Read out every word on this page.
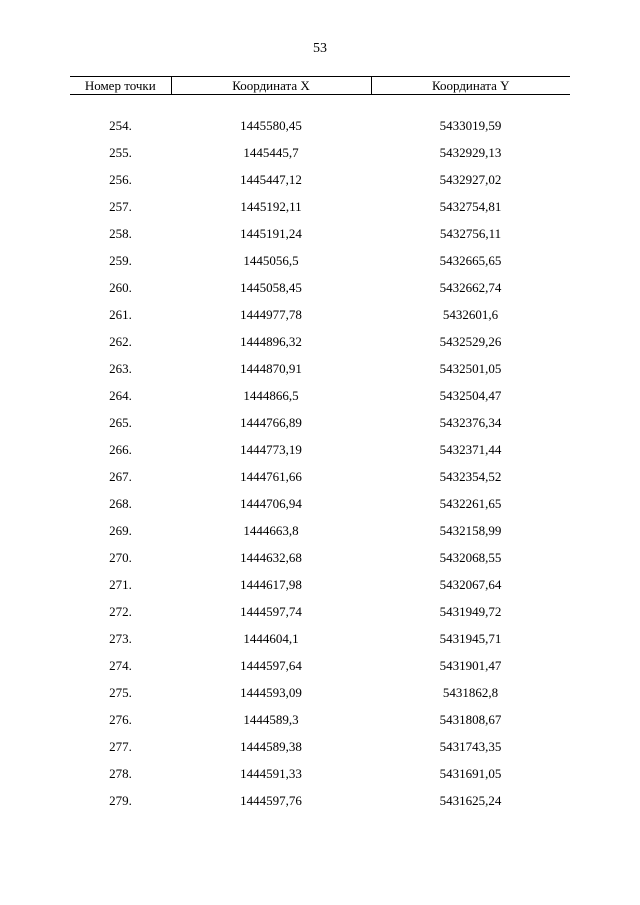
53
Номер точки	Координата X	Координата Y

254.	1445580,45	5433019,59
255.	1445445,7	5432929,13
256.	1445447,12	5432927,02
257.	1445192,11	5432754,81
258.	1445191,24	5432756,11
259.	1445056,5	5432665,65
260.	1445058,45	5432662,74
261.	1444977,78	5432601,6
262.	1444896,32	5432529,26
263.	1444870,91	5432501,05
264.	1444866,5	5432504,47
265.	1444766,89	5432376,34
266.	1444773,19	5432371,44
267.	1444761,66	5432354,52
268.	1444706,94	5432261,65
269.	1444663,8	5432158,99
270.	1444632,68	5432068,55
271.	1444617,98	5432067,64
272.	1444597,74	5431949,72
273.	1444604,1	5431945,71
274.	1444597,64	5431901,47
275.	1444593,09	5431862,8
276.	1444589,3	5431808,67
277.	1444589,38	5431743,35
278.	1444591,33	5431691,05
279.	1444597,76	5431625,24
